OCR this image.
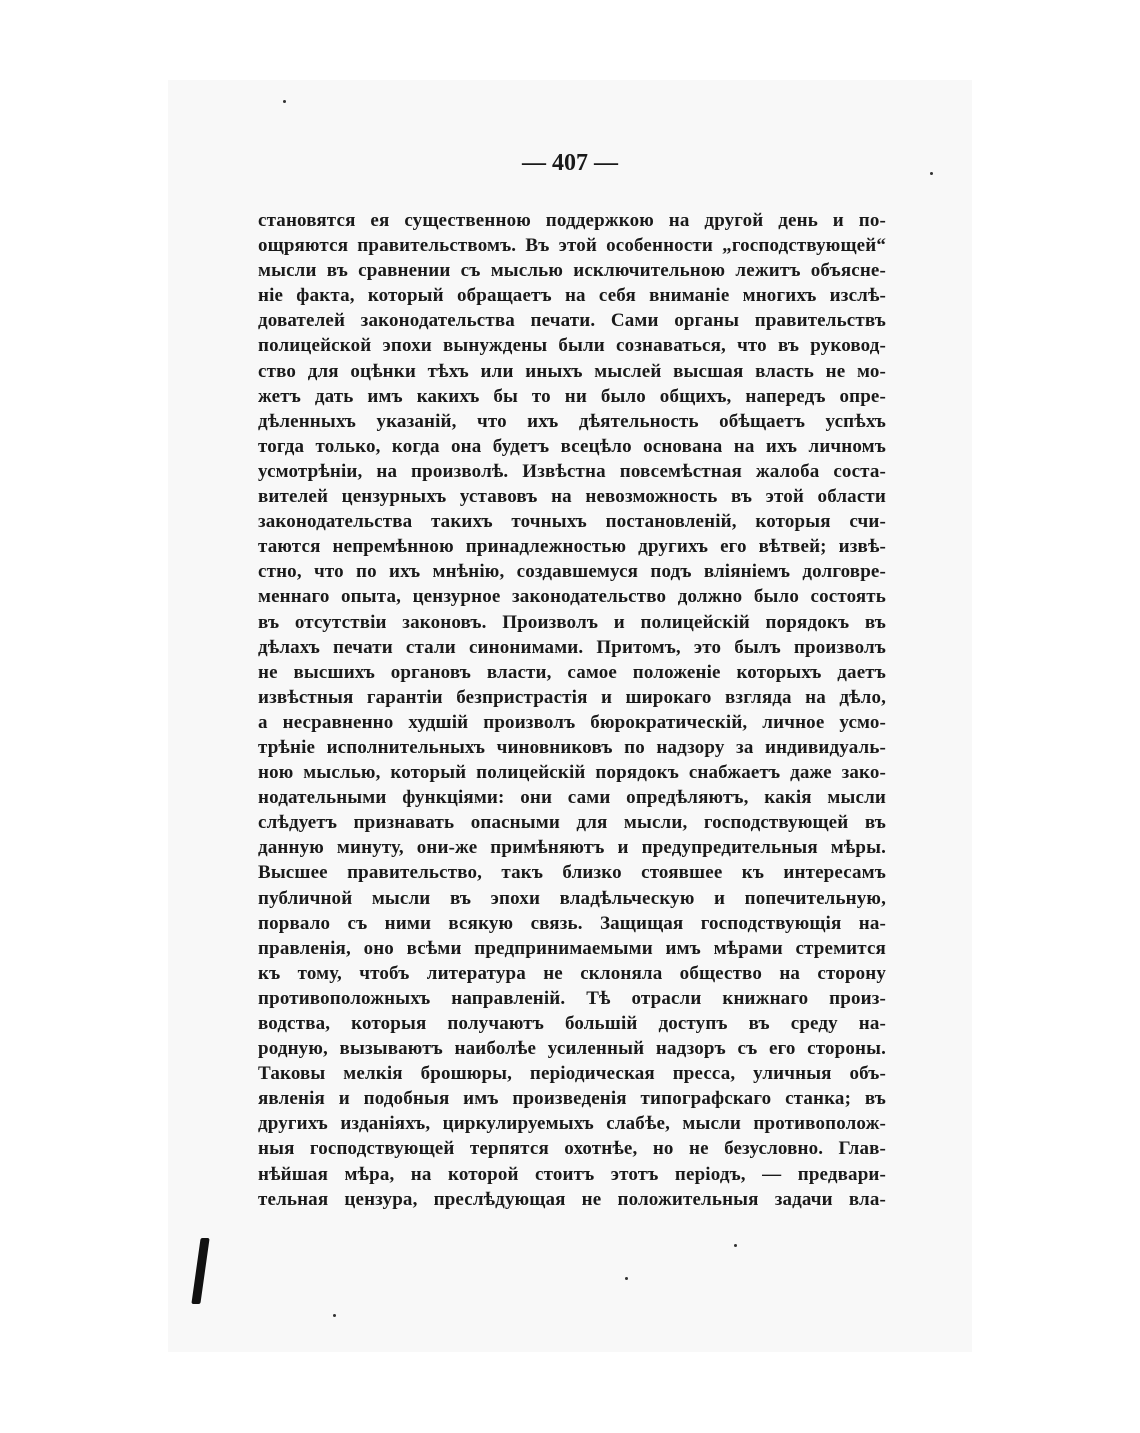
— 407 —
становятся ея существенною поддержкою на другой день и по-
ощряются правительствомъ. Въ этой особенности „господствующей“
мысли въ сравнении съ мыслью исключительною лежитъ объясне-
ніе факта, который обращаетъ на себя вниманіе многихъ изслѣ-
дователей законодательства печати. Сами органы правительствъ
полицейской эпохи вынуждены были сознаваться, что въ руковод-
ство для оцѣнки тѣхъ или иныхъ мыслей высшая власть не мо-
жетъ дать имъ какихъ бы то ни было общихъ, напередъ опре-
дѣленныхъ указаній, что ихъ дѣятельность обѣщаетъ успѣхъ
тогда только, когда она будетъ всецѣло основана на ихъ личномъ
усмотрѣніи, на произволѣ. Извѣстна повсемѣстная жалоба соста-
вителей цензурныхъ уставовъ на невозможность въ этой области
законодательства такихъ точныхъ постановленій, которыя счи-
таются непремѣнною принадлежностью другихъ его вѣтвей; извѣ-
стно, что по ихъ мнѣнію, создавшемуся подъ вліяніемъ долговре-
меннаго опыта, цензурное законодательство должно было состоять
въ отсутствіи законовъ. Произволъ и полицейскій порядокъ въ
дѣлахъ печати стали синонимами. Притомъ, это былъ произволъ
не высшихъ органовъ власти, самое положеніе которыхъ даетъ
извѣстныя гарантіи безпристрастія и широкаго взгляда на дѣло,
а несравненно худшій произволъ бюрократическій, личное усмо-
трѣніе исполнительныхъ чиновниковъ по надзору за индивидуаль-
ною мыслью, который полицейскій порядокъ снабжаетъ даже зако-
нодательными функціями: они сами опредѣляютъ, какія мысли
слѣдуетъ признавать опасными для мысли, господствующей въ
данную минуту, они-же примѣняютъ и предупредительныя мѣры.
Высшее правительство, такъ близко стоявшее къ интересамъ
публичной мысли въ эпохи владѣльческую и попечительную,
порвало съ ними всякую связь. Защищая господствующія на-
правленія, оно всѣми предпринимаемыми имъ мѣрами стремится
къ тому, чтобъ литература не склоняла общество на сторону
противоположныхъ направленій. Тѣ отрасли книжнаго произ-
водства, которыя получаютъ большій доступъ въ среду на-
родную, вызываютъ наиболѣе усиленный надзоръ съ его стороны.
Таковы мелкія брошюры, періодическая пресса, уличныя объ-
явленія и подобныя имъ произведенія типографскаго станка; въ
другихъ изданіяхъ, циркулируемыхъ слабѣе, мысли противополож-
ныя господствующей терпятся охотнѣе, но не безусловно. Глав-
нѣйшая мѣра, на которой стоитъ этотъ періодъ, — предвари-
тельная цензура, преслѣдующая не положительныя задачи вла-
